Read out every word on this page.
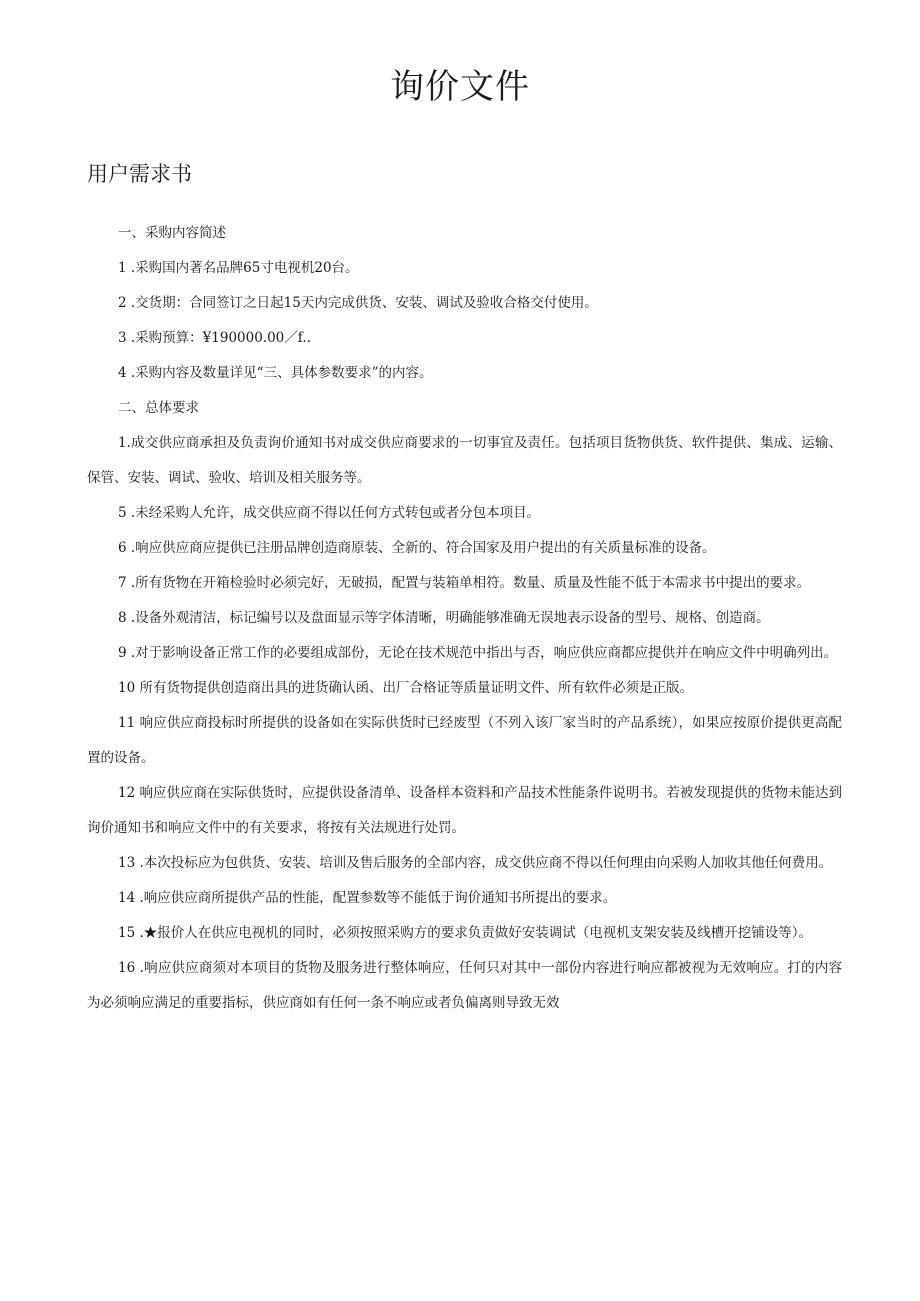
询价文件
用户需求书

一、采购内容简述

1 .采购国内著名品牌65寸电视机20台。

2 .交货期：合同签订之日起15天内完成供货、安装、调试及验收合格交付使用。

3 .采购预算：¥190000.00／f..

4 .采购内容及数量详见“三、具体参数要求”的内容。

二、总体要求

1.成交供应商承担及负责询价通知书对成交供应商要求的一切事宜及责任。包括项目货物供货、软件提供、集成、运输、保管、安装、调试、验收、培训及相关服务等。

5 .未经采购人允许，成交供应商不得以任何方式转包或者分包本项目。

6 .响应供应商应提供已注册品牌创造商原装、全新的、符合国家及用户提出的有关质量标准的设备。

7 .所有货物在开箱检验时必须完好，无破损，配置与装箱单相符。数量、质量及性能不低于本需求书中提出的要求。

8 .设备外观清洁，标记编号以及盘面显示等字体清晰，明确能够准确无误地表示设备的型号、规格、创造商。

9 .对于影响设备正常工作的必要组成部份，无论在技术规范中指出与否，响应供应商都应提供并在响应文件中明确列出。

10 所有货物提供创造商出具的进货确认函、出厂合格证等质量证明文件、所有软件必须是正版。

11 响应供应商投标时所提供的设备如在实际供货时已经废型（不列入该厂家当时的产品系统），如果应按原价提供更高配置的设备。

12 响应供应商在实际供货时，应提供设备清单、设备样本资料和产品技术性能条件说明书。若被发现提供的货物未能达到询价通知书和响应文件中的有关要求，将按有关法规进行处罚。

13 .本次投标应为包供货、安装、培训及售后服务的全部内容，成交供应商不得以任何理由向采购人加收其他任何费用。

14 .响应供应商所提供产品的性能，配置参数等不能低于询价通知书所提出的要求。

15 .★报价人在供应电视机的同时，必须按照采购方的要求负责做好安装调试（电视机支架安装及线槽开挖铺设等）。

16 .响应供应商须对本项目的货物及服务进行整体响应，任何只对其中一部份内容进行响应都被视为无效响应。打的内容为必须响应满足的重要指标，供应商如有任何一条不响应或者负偏离则导致无效
